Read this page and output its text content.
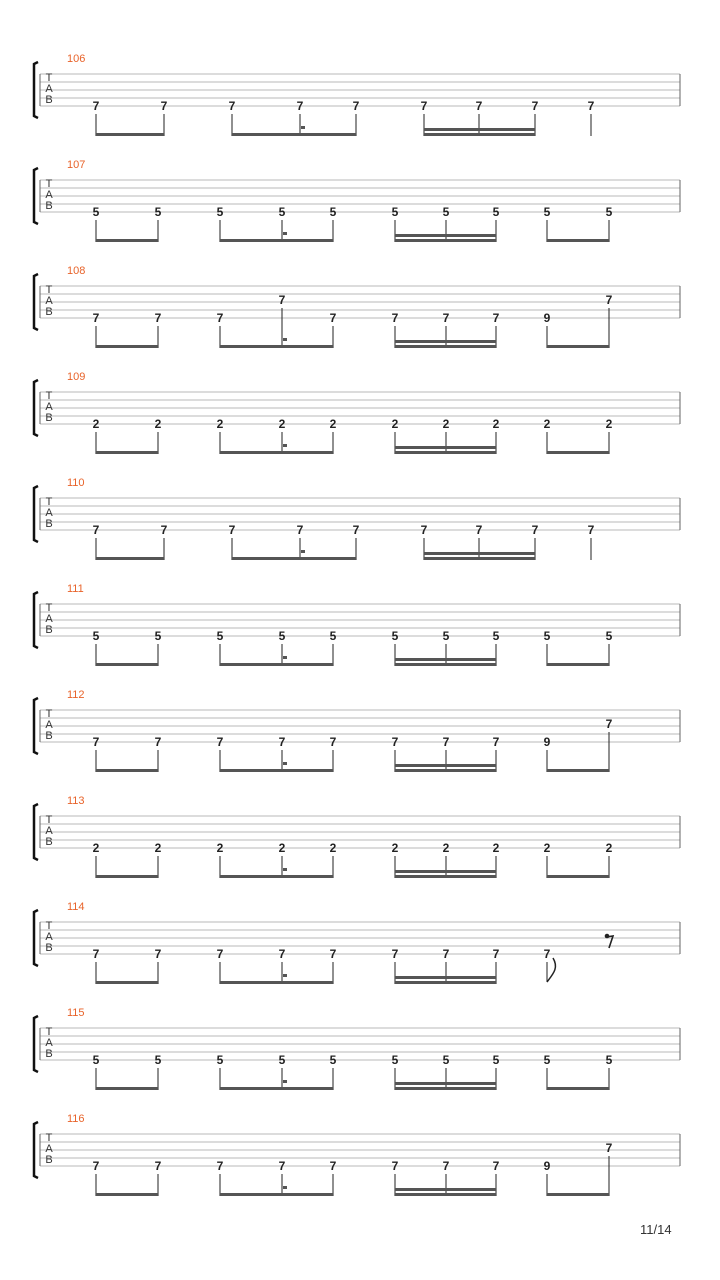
106
T
A
B	7	7	7	7	7	7	7	7	7
107
T
A
B	5	5	5	5	5	5	5	5	5	5
108
T
A
B	7	7	7
7
7	7	7	7	9
7
109
T
A
B	2	2	2	2	2	2	2	2	2	2
110
T
A
B	7	7	7	7	7	7	7	7	7
111
T
A
B	5	5	5	5	5	5	5	5	5	5
112
T
A
B	7	7	7	7	7	7	7	7	9
7
113
T
A
B	2	2	2	2	2	2	2	2	2	2
114
T
A
B	7	7	7	7	7	7	7	7	7
115
T
A
B	5	5	5	5	5	5	5	5	5	5
116
T
A
B	7	7	7	7	7	7	7	7	9
7
11/14
